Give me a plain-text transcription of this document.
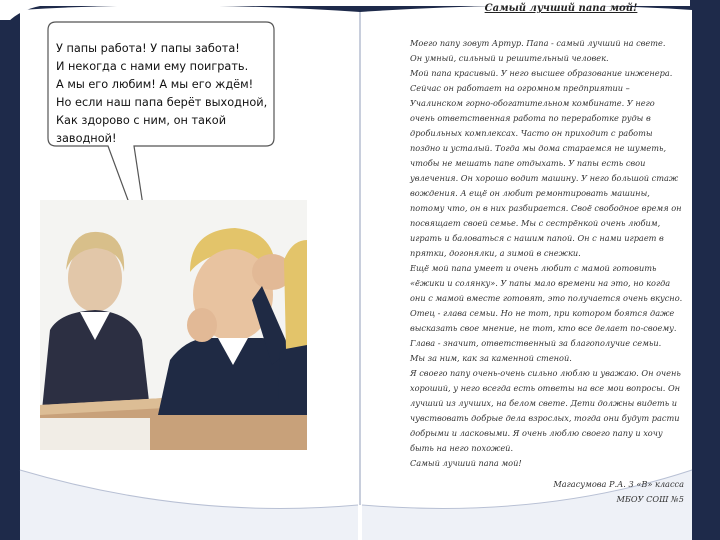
У папы работа! У папы забота!
И некогда с нами ему поиграть.
А мы его любим! А мы его ждём!
Но если наш папа берёт выходной,
Как здорово с ним, он такой
заводной!
Самый лучший папа мой!
Моего папу зовут Артур. Папа - самый лучший на свете.
Он умный, сильный и решительный человек.
Мой папа красивый. У него высшее образование инженера.
Сейчас он работает на огромном предприятии –
Учалинском горно-обогатительном комбинате. У него
очень ответственная работа по переработке руды в
дробильных комплексах. Часто он приходит с работы
поздно и усталый. Тогда мы дома стараемся не шуметь,
чтобы не мешать папе отдыхать. У папы есть свои
увлечения. Он хорошо водит машину. У него большой стаж
вождения. А ещё он любит ремонтировать машины,
потому что, он в них разбирается. Своё свободное время он
посвящает своей семье. Мы с сестрёнкой очень любим,
играть и баловаться с нашим папой. Он с нами играет в
прятки, догонялки, а зимой в снежки.
Ещё мой папа умеет и очень любит с мамой готовить
«ёжики и солянку». У папы мало времени на это, но когда
они с мамой вместе готовят, это получается очень вкусно.
Отец - глава семьи. Но не тот, при котором боятся даже
высказать свое мнение, не тот, кто все делает по-своему.
Глава - значит, ответственный за благополучие семьи.
Мы за ним, как за каменной стеной.
Я своего папу очень-очень сильно люблю и уважаю. Он очень
хороший, у него всегда есть ответы на все мои вопросы. Он
лучший из лучших, на белом свете. Дети должны видеть и
чувствовать добрые дела взрослых, тогда они будут расти
добрыми и ласковыми. Я очень люблю своего папу и хочу
быть на него похожей.
Самый лучший папа мой!
Магасумова Р.А. 3 «В» класса
МБОУ СОШ №5
